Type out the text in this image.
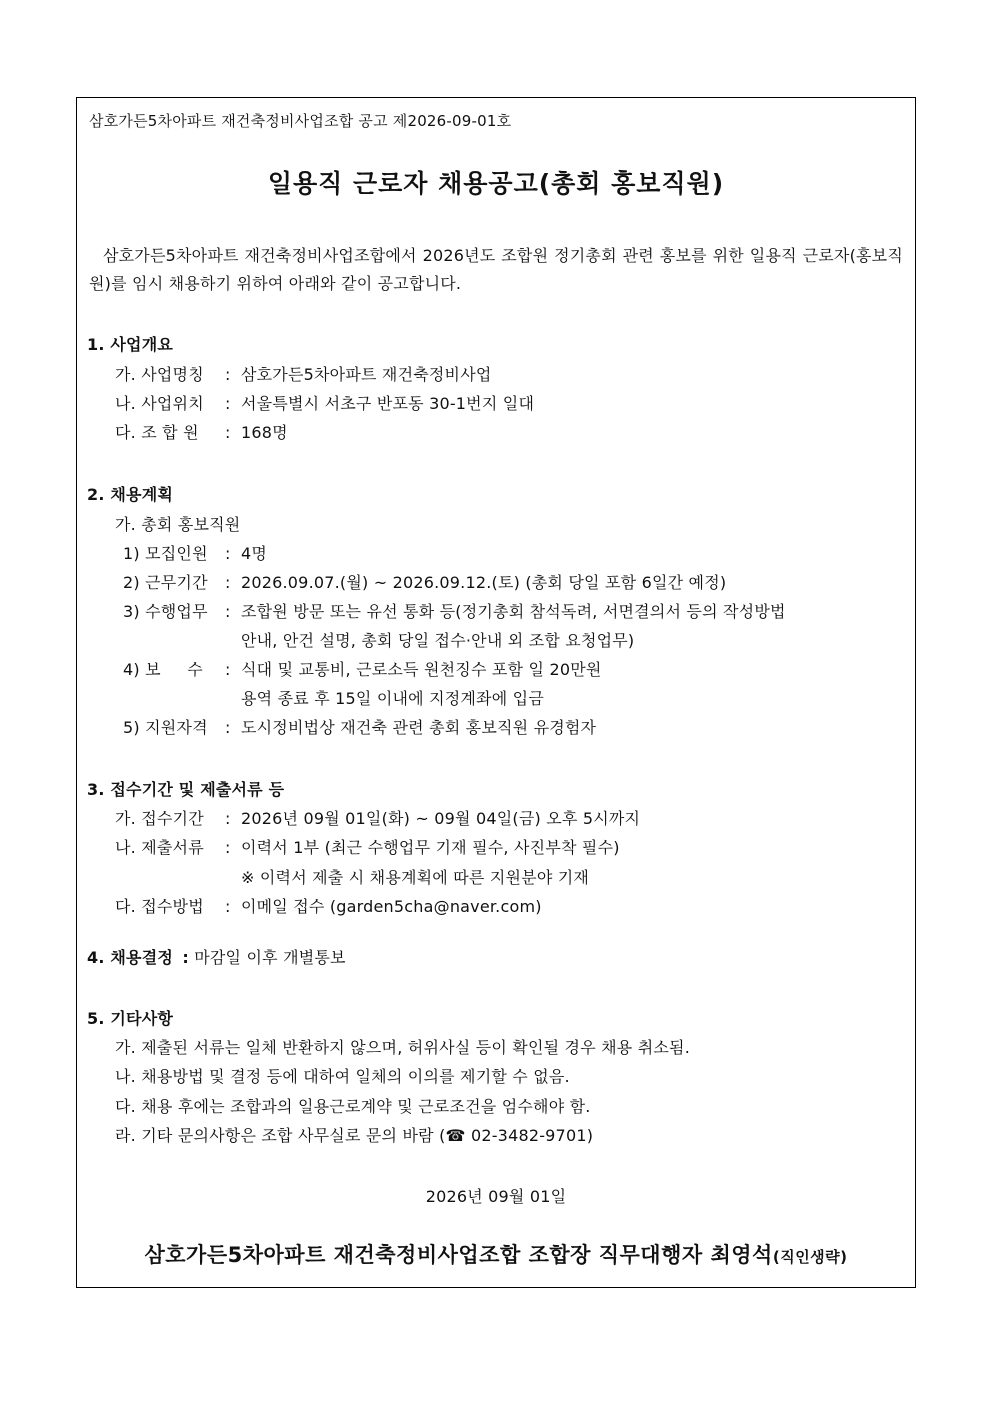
삼호가든5차아파트 재건축정비사업조합 공고 제2026-09-01호
일용직 근로자 채용공고(총회 홍보직원)
삼호가든5차아파트 재건축정비사업조합에서 2026년도 조합원 정기총회 관련 홍보를 위한 일용직 근로자(홍보직원)를 임시 채용하기 위하여 아래와 같이 공고합니다.
1. 사업개요
가. 사업명칭 : 삼호가든5차아파트 재건축정비사업
나. 사업위치 : 서울특별시 서초구 반포동 30-1번지 일대
다. 조 합 원 : 168명
2. 채용계획
가. 총회 홍보직원
1) 모집인원 : 4명
2) 근무기간 : 2026.09.07.(월) ~ 2026.09.12.(토) (총회 당일 포함 6일간 예정)
3) 수행업무 : 조합원 방문 또는 유선 통화 등(정기총회 참석독려, 서면결의서 등의 작성방법
안내, 안건 설명, 총회 당일 접수·안내 외 조합 요청업무)
4) 보     수 : 식대 및 교통비, 근로소득 원천징수 포함 일 20만원
용역 종료 후 15일 이내에 지정계좌에 입금
5) 지원자격 : 도시정비법상 재건축 관련 총회 홍보직원 유경험자
3. 접수기간 및 제출서류 등
가. 접수기간 : 2026년 09월 01일(화) ~ 09월 04일(금) 오후 5시까지
나. 제출서류 : 이력서 1부 (최근 수행업무 기재 필수, 사진부착 필수)
※ 이력서 제출 시 채용계획에 따른 지원분야 기재
다. 접수방법 : 이메일 접수 (garden5cha@naver.com)
4. 채용결정 : 마감일 이후 개별통보
5. 기타사항
가. 제출된 서류는 일체 반환하지 않으며, 허위사실 등이 확인될 경우 채용 취소됨.
나. 채용방법 및 결정 등에 대하여 일체의 이의를 제기할 수 없음.
다. 채용 후에는 조합과의 일용근로계약 및 근로조건을 엄수해야 함.
라. 기타 문의사항은 조합 사무실로 문의 바람 (☎ 02-3482-9701)
2026년 09월 01일
삼호가든5차아파트 재건축정비사업조합 조합장 직무대행자 최영석(직인생략)
